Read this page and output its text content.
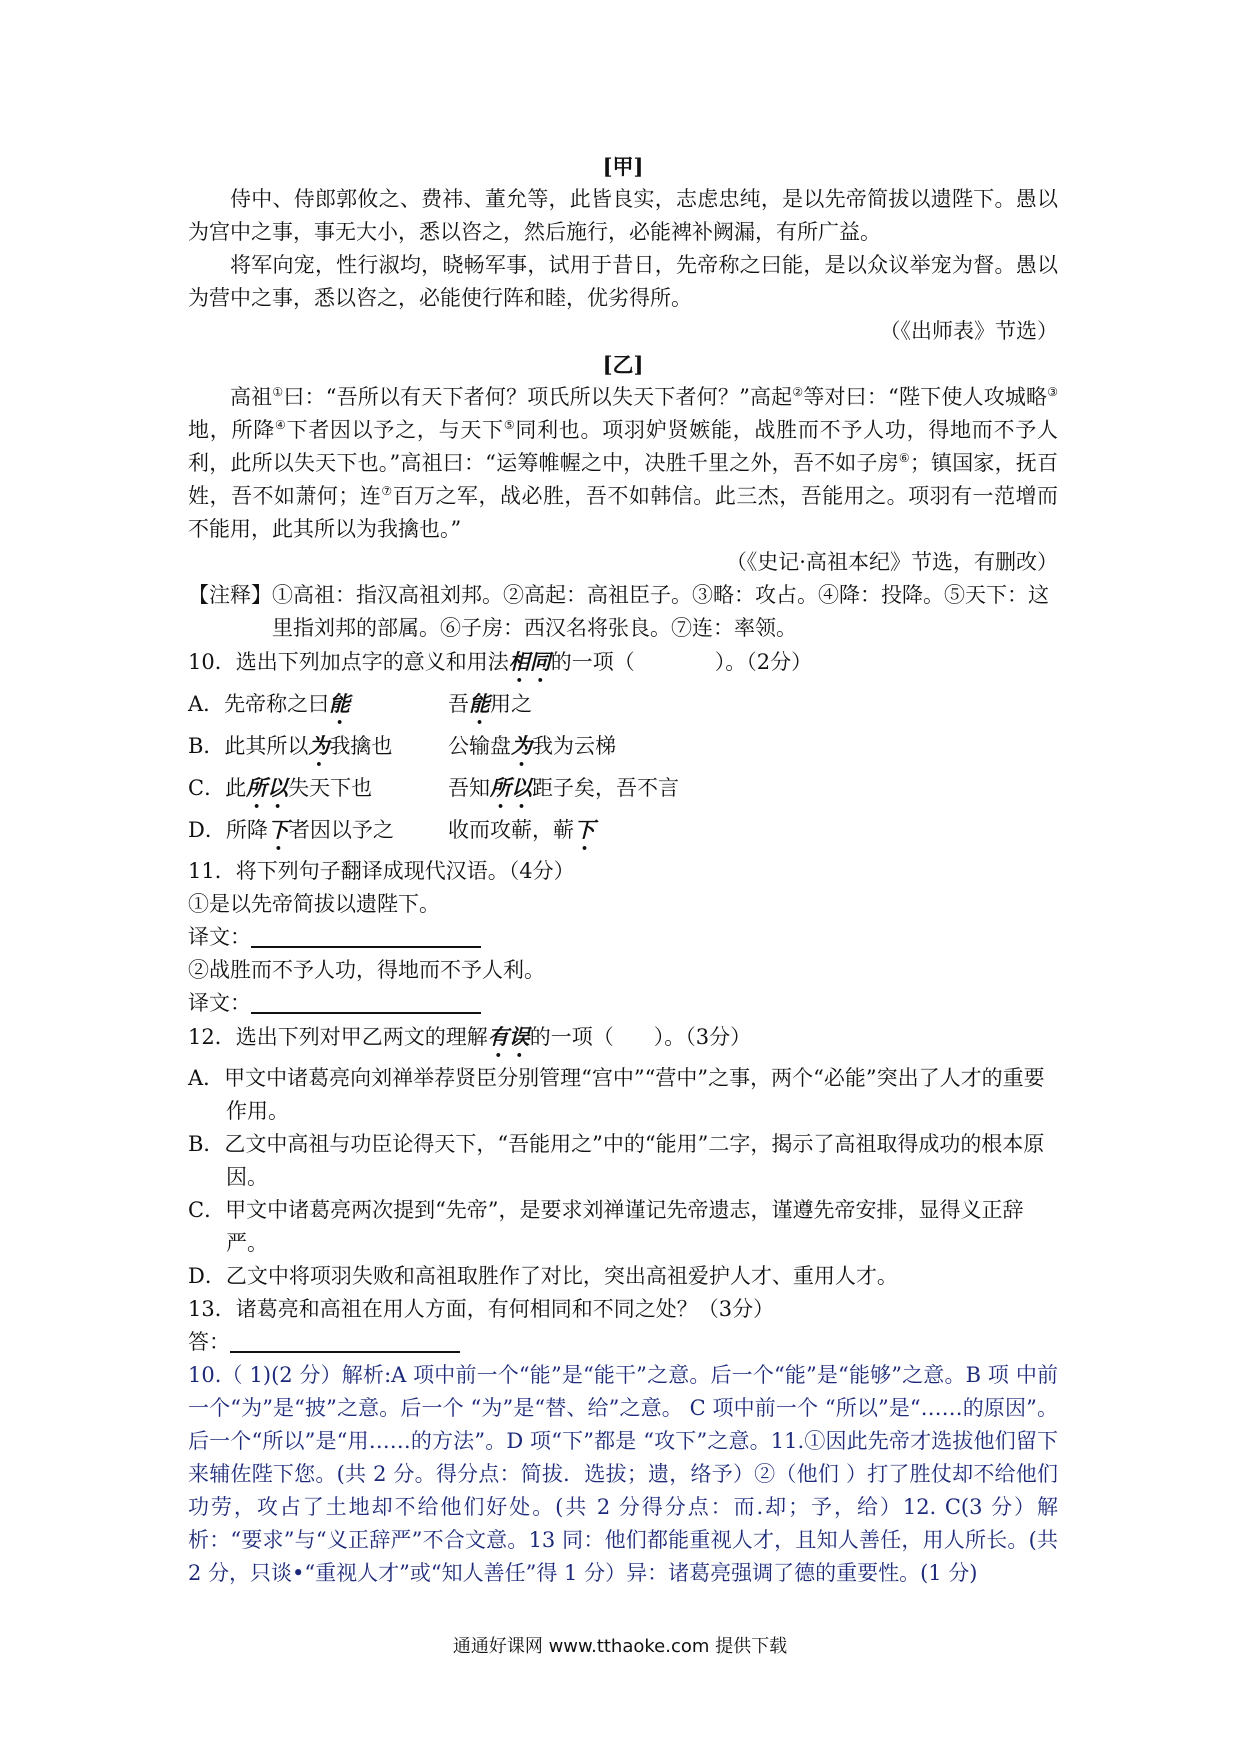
[甲]

侍中、侍郎郭攸之、费祎、董允等，此皆良实，志虑忠纯，是以先帝简拔以遗陛下。愚以为宫中之事，事无大小，悉以咨之，然后施行，必能裨补阙漏，有所广益。

将军向宠，性行淑均，晓畅军事，试用于昔日，先帝称之曰能，是以众议举宠为督。愚以为营中之事，悉以咨之，必能使行阵和睦，优劣得所。

（《出师表》节选）

[乙]

高祖①曰：“吾所以有天下者何？项氏所以失天下者何？”高起②等对曰：“陛下使人攻城略③地，所降④下者因以予之，与天下⑤同利也。项羽妒贤嫉能，战胜而不予人功，得地而不予人利，此所以失天下也。”高祖曰：“运筹帷幄之中，决胜千里之外，吾不如子房⑥；镇国家，抚百姓，吾不如萧何；连⑦百万之军，战必胜，吾不如韩信。此三杰，吾能用之。项羽有一范增而不能用，此其所以为我擒也。”

（《史记·高祖本纪》节选，有删改）

【注释】①高祖：指汉高祖刘邦。②高起：高祖臣子。③略：攻占。④降：投降。⑤天下：这里指刘邦的部属。⑥子房：西汉名将张良。⑦连：率领。

10．选出下列加点字的意义和用法相同的一项（	）。（2分）

A．先帝称之曰能	吾能用之

B．此其所以为我擒也	公输盘为我为云梯

C．此所以失天下也	吾知所以距子矣，吾不言

D．所降下者因以予之	收而攻蕲，蕲下

11．将下列句子翻译成现代汉语。（4分）

①是以先帝简拔以遗陛下。

译文：

②战胜而不予人功，得地而不予人利。

译文：

12．选出下列对甲乙两文的理解有误的一项（ ）。（3分）

A．甲文中诸葛亮向刘禅举荐贤臣分别管理“宫中”“营中”之事，两个“必能”突出了人才的重要作用。

B．乙文中高祖与功臣论得天下，“吾能用之”中的“能用”二字，揭示了高祖取得成功的根本原因。

C．甲文中诸葛亮两次提到“先帝”，是要求刘禅谨记先帝遗志，谨遵先帝安排，显得义正辞严。

D．乙文中将项羽失败和高祖取胜作了对比，突出高祖爱护人才、重用人才。

13．诸葛亮和高祖在用人方面，有何相同和不同之处？（3分）

答：

10.（ 1)(2 分）解析:A 项中前一个“能”是“能干”之意。后一个“能”是“能够”之意。B 项 中前一个“为”是“披”之意。后一个 “为”是“替、给”之意。 C 项中前一个 “所以”是“……的原因”。后一个“所以”是“用……的方法”。D 项“下”都是 “攻下”之意。11.①因此先帝才选拔他们留下来辅佐陛下您。(共 2 分。得分点：简拔．选拔；遗，络予）②（他们 ）打了胜仗却不给他们功劳，攻占了土地却不给他们好处。(共 2 分得分点：而.却；予，给）12. C(3 分）解析：“要求”与“义正辞严”不合文意。13 同：他们都能重视人才，且知人善任，用人所长。(共 2 分，只谈•“重视人才”或“知人善任”得 1 分）异：诸葛亮强调了德的重要性。(1 分)

通通好课网 www.tthaoke.com 提供下载
